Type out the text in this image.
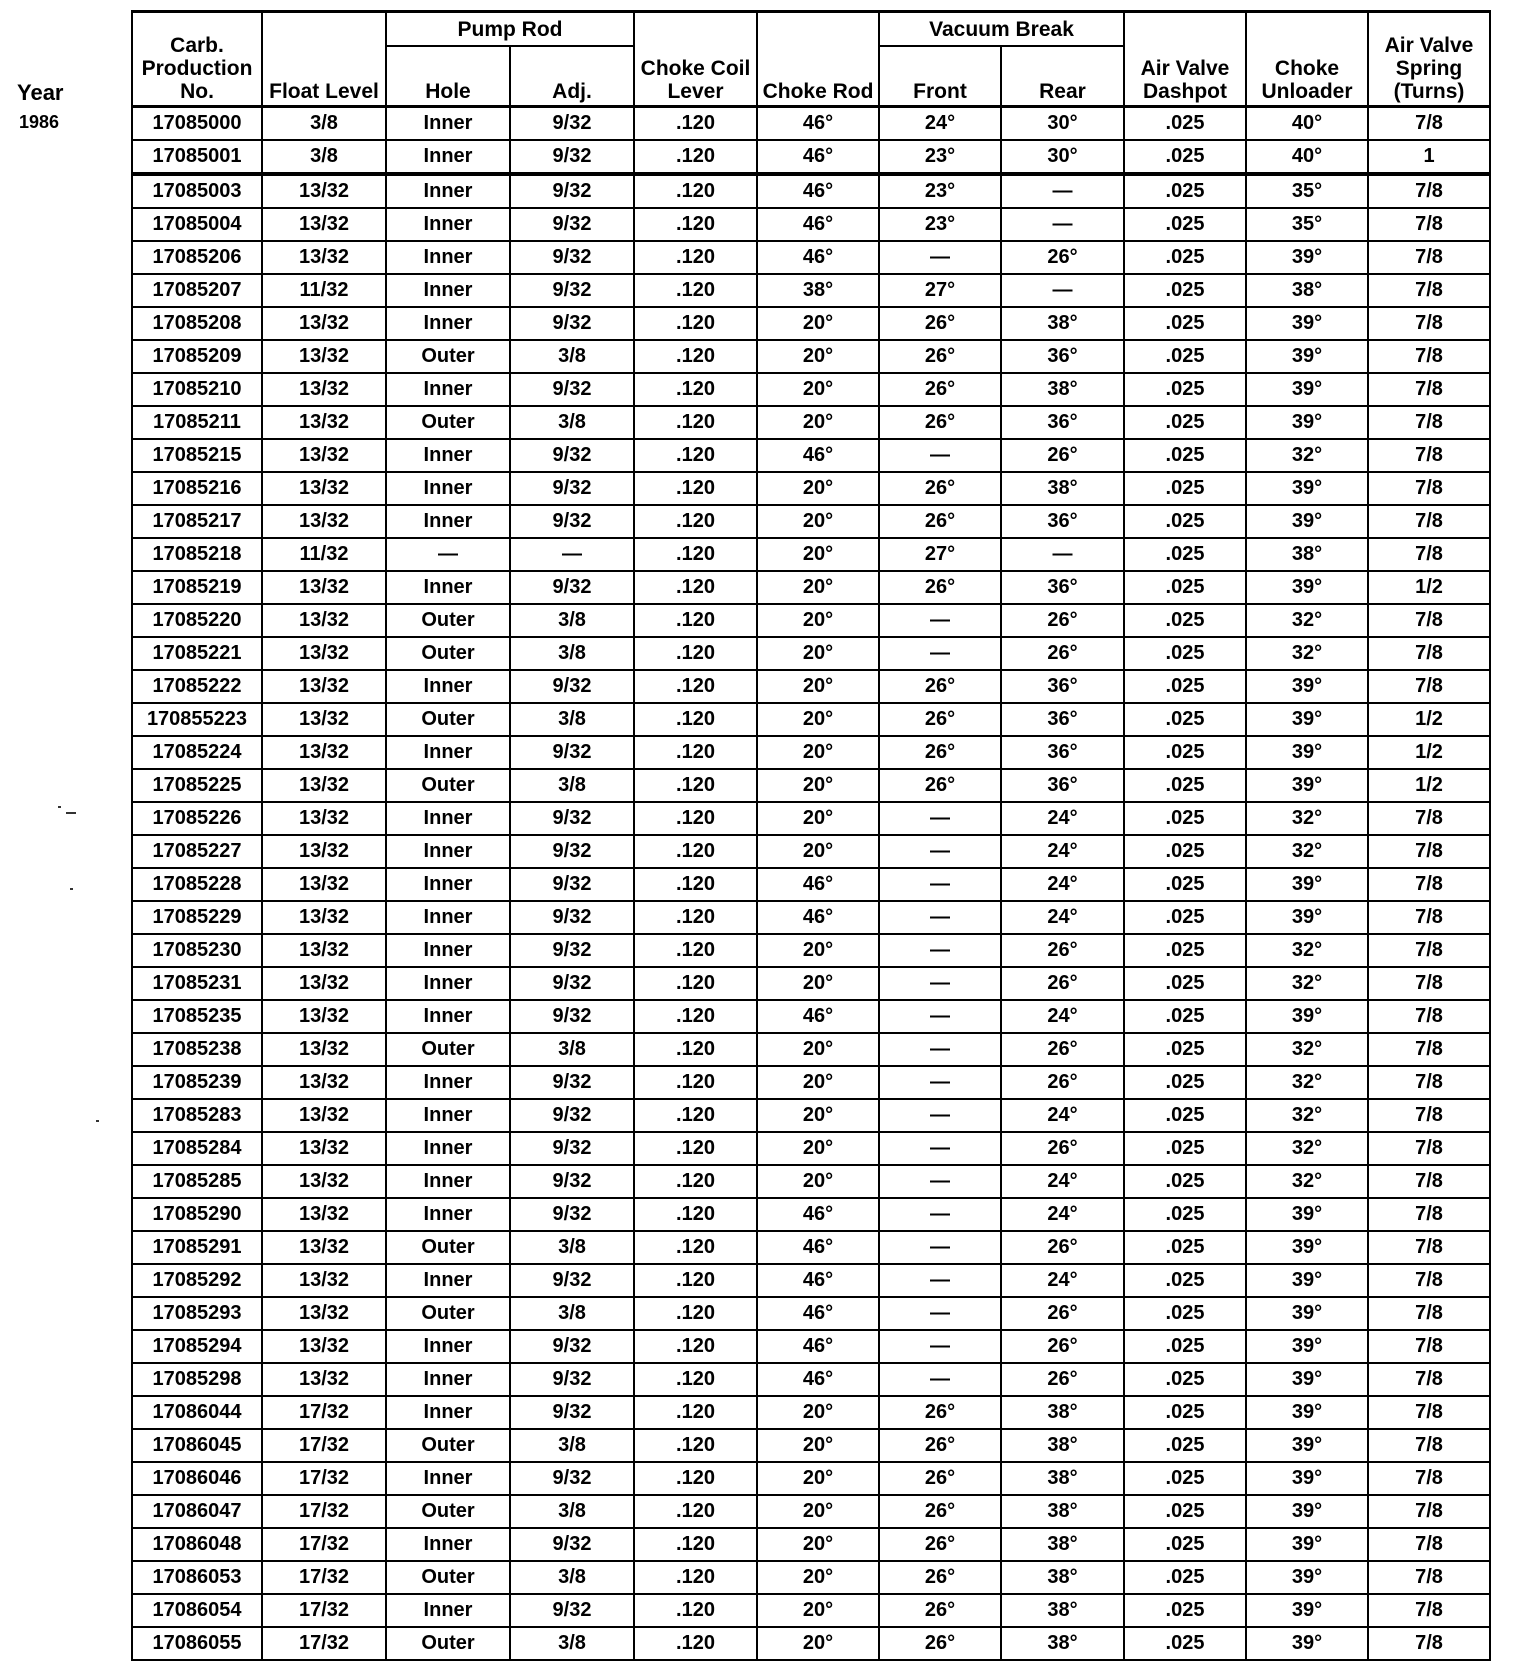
Year
1986
Carb. Production No.	Float Level	Pump Rod		Choke Coil Lever	Choke Rod	Vacuum Break		Air Valve Dashpot	Choke Unloader	Air Valve Spring (Turns)
		Hole	Adj.			Front	Rear			
17085000	3/8	Inner	9/32	.120	46°	24°	30°	.025	40°	7/8
17085001	3/8	Inner	9/32	.120	46°	23°	30°	.025	40°	1
17085003	13/32	Inner	9/32	.120	46°	23°	—	.025	35°	7/8
17085004	13/32	Inner	9/32	.120	46°	23°	—	.025	35°	7/8
17085206	13/32	Inner	9/32	.120	46°	—	26°	.025	39°	7/8
17085207	11/32	Inner	9/32	.120	38°	27°	—	.025	38°	7/8
17085208	13/32	Inner	9/32	.120	20°	26°	38°	.025	39°	7/8
17085209	13/32	Outer	3/8	.120	20°	26°	36°	.025	39°	7/8
17085210	13/32	Inner	9/32	.120	20°	26°	38°	.025	39°	7/8
17085211	13/32	Outer	3/8	.120	20°	26°	36°	.025	39°	7/8
17085215	13/32	Inner	9/32	.120	46°	—	26°	.025	32°	7/8
17085216	13/32	Inner	9/32	.120	20°	26°	38°	.025	39°	7/8
17085217	13/32	Inner	9/32	.120	20°	26°	36°	.025	39°	7/8
17085218	11/32	—	—	.120	20°	27°	—	.025	38°	7/8
17085219	13/32	Inner	9/32	.120	20°	26°	36°	.025	39°	1/2
17085220	13/32	Outer	3/8	.120	20°	—	26°	.025	32°	7/8
17085221	13/32	Outer	3/8	.120	20°	—	26°	.025	32°	7/8
17085222	13/32	Inner	9/32	.120	20°	26°	36°	.025	39°	7/8
170855223	13/32	Outer	3/8	.120	20°	26°	36°	.025	39°	1/2
17085224	13/32	Inner	9/32	.120	20°	26°	36°	.025	39°	1/2
17085225	13/32	Outer	3/8	.120	20°	26°	36°	.025	39°	1/2
17085226	13/32	Inner	9/32	.120	20°	—	24°	.025	32°	7/8
17085227	13/32	Inner	9/32	.120	20°	—	24°	.025	32°	7/8
17085228	13/32	Inner	9/32	.120	46°	—	24°	.025	39°	7/8
17085229	13/32	Inner	9/32	.120	46°	—	24°	.025	39°	7/8
17085230	13/32	Inner	9/32	.120	20°	—	26°	.025	32°	7/8
17085231	13/32	Inner	9/32	.120	20°	—	26°	.025	32°	7/8
17085235	13/32	Inner	9/32	.120	46°	—	24°	.025	39°	7/8
17085238	13/32	Outer	3/8	.120	20°	—	26°	.025	32°	7/8
17085239	13/32	Inner	9/32	.120	20°	—	26°	.025	32°	7/8
17085283	13/32	Inner	9/32	.120	20°	—	24°	.025	32°	7/8
17085284	13/32	Inner	9/32	.120	20°	—	26°	.025	32°	7/8
17085285	13/32	Inner	9/32	.120	20°	—	24°	.025	32°	7/8
17085290	13/32	Inner	9/32	.120	46°	—	24°	.025	39°	7/8
17085291	13/32	Outer	3/8	.120	46°	—	26°	.025	39°	7/8
17085292	13/32	Inner	9/32	.120	46°	—	24°	.025	39°	7/8
17085293	13/32	Outer	3/8	.120	46°	—	26°	.025	39°	7/8
17085294	13/32	Inner	9/32	.120	46°	—	26°	.025	39°	7/8
17085298	13/32	Inner	9/32	.120	46°	—	26°	.025	39°	7/8
17086044	17/32	Inner	9/32	.120	20°	26°	38°	.025	39°	7/8
17086045	17/32	Outer	3/8	.120	20°	26°	38°	.025	39°	7/8
17086046	17/32	Inner	9/32	.120	20°	26°	38°	.025	39°	7/8
17086047	17/32	Outer	3/8	.120	20°	26°	38°	.025	39°	7/8
17086048	17/32	Inner	9/32	.120	20°	26°	38°	.025	39°	7/8
17086053	17/32	Outer	3/8	.120	20°	26°	38°	.025	39°	7/8
17086054	17/32	Inner	9/32	.120	20°	26°	38°	.025	39°	7/8
17086055	17/32	Outer	3/8	.120	20°	26°	38°	.025	39°	7/8
